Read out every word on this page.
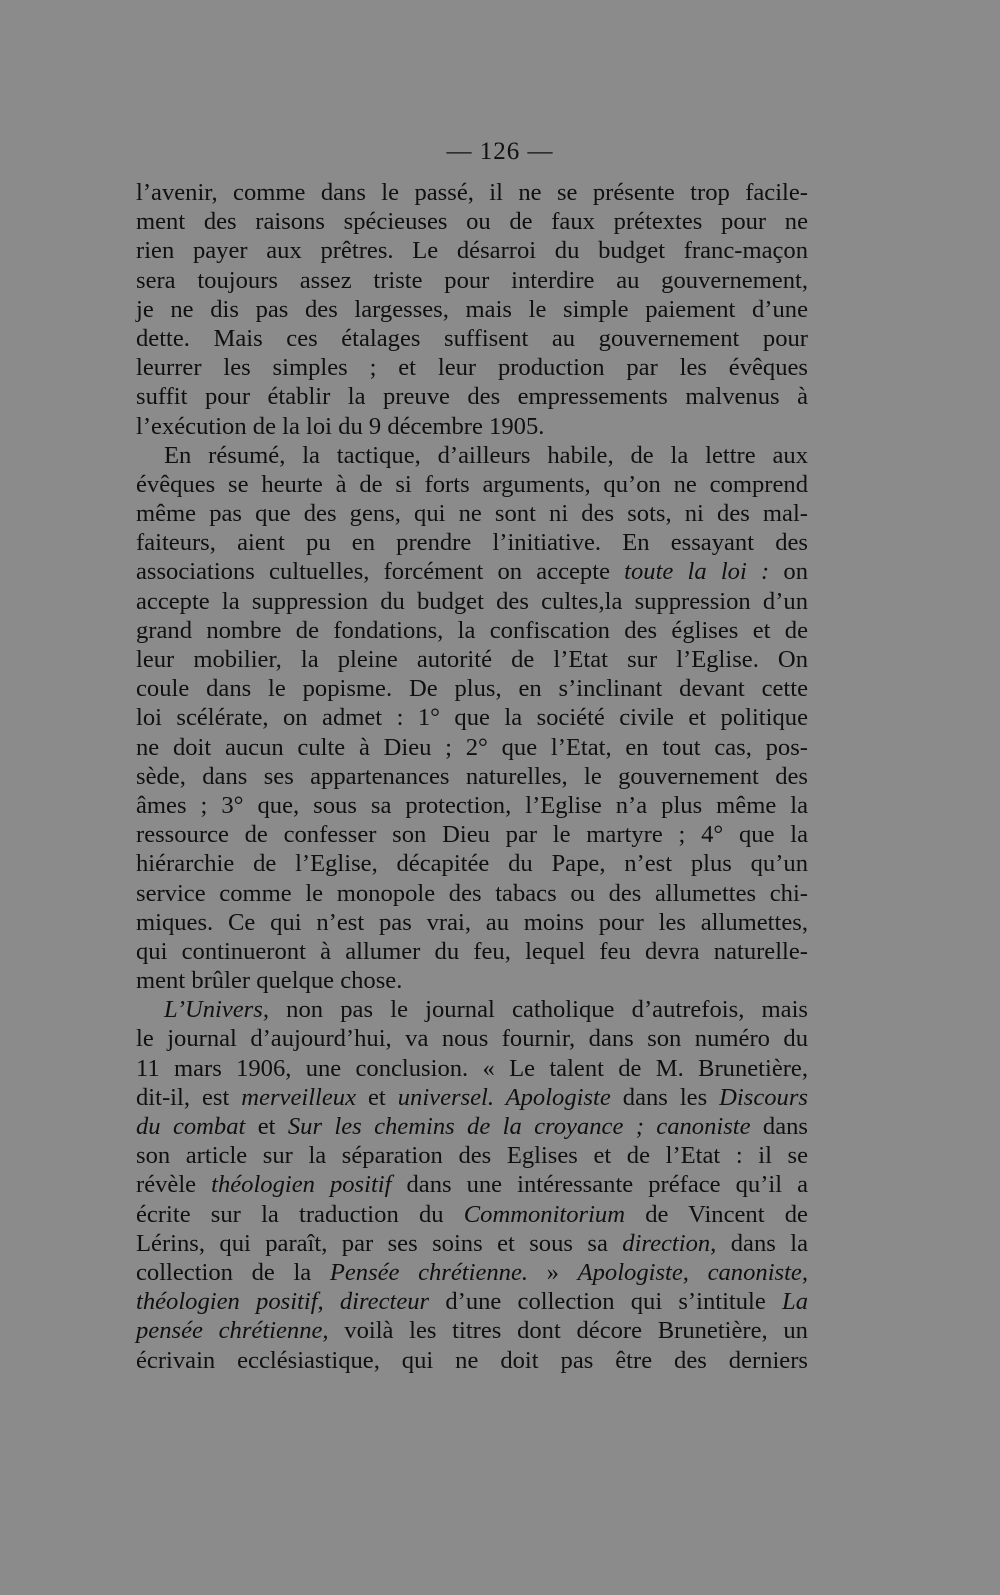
— 126 —
l’avenir, comme dans le passé, il ne se présente trop facile-
ment des raisons spécieuses ou de faux prétextes pour ne
rien payer aux prêtres. Le désarroi du budget franc-maçon
sera toujours assez triste pour interdire au gouvernement,
je ne dis pas des largesses, mais le simple paiement d’une
dette. Mais ces étalages suffisent au gouvernement pour
leurrer les simples ; et leur production par les évêques
suffit pour établir la preuve des empressements malvenus à
l’exécution de la loi du 9 décembre 1905.
En résumé, la tactique, d’ailleurs habile, de la lettre aux
évêques se heurte à de si forts arguments, qu’on ne comprend
même pas que des gens, qui ne sont ni des sots, ni des mal-
faiteurs, aient pu en prendre l’initiative. En essayant des
associations cultuelles, forcément on accepte toute la loi : on
accepte la suppression du budget des cultes,la suppression d’un
grand nombre de fondations, la confiscation des églises et de
leur mobilier, la pleine autorité de l’Etat sur l’Eglise. On
coule dans le popisme. De plus, en s’inclinant devant cette
loi scélérate, on admet : 1° que la société civile et politique
ne doit aucun culte à Dieu ; 2° que l’Etat, en tout cas, pos-
sède, dans ses appartenances naturelles, le gouvernement des
âmes ; 3° que, sous sa protection, l’Eglise n’a plus même la
ressource de confesser son Dieu par le martyre ; 4° que la
hiérarchie de l’Eglise, décapitée du Pape, n’est plus qu’un
service comme le monopole des tabacs ou des allumettes chi-
miques. Ce qui n’est pas vrai, au moins pour les allumettes,
qui continueront à allumer du feu, lequel feu devra naturelle-
ment brûler quelque chose.
L’Univers, non pas le journal catholique d’autrefois, mais
le journal d’aujourd’hui, va nous fournir, dans son numéro du
11 mars 1906, une conclusion. « Le talent de M. Brunetière,
dit-il, est merveilleux et universel. Apologiste dans les Discours
du combat et Sur les chemins de la croyance ; canoniste dans
son article sur la séparation des Eglises et de l’Etat : il se
révèle théologien positif dans une intéressante préface qu’il a
écrite sur la traduction du Commonitorium de Vincent de
Lérins, qui paraît, par ses soins et sous sa direction, dans la
collection de la Pensée chrétienne. » Apologiste, canoniste,
théologien positif, directeur d’une collection qui s’intitule La
pensée chrétienne, voilà les titres dont décore Brunetière, un
écrivain ecclésiastique, qui ne doit pas être des derniers
